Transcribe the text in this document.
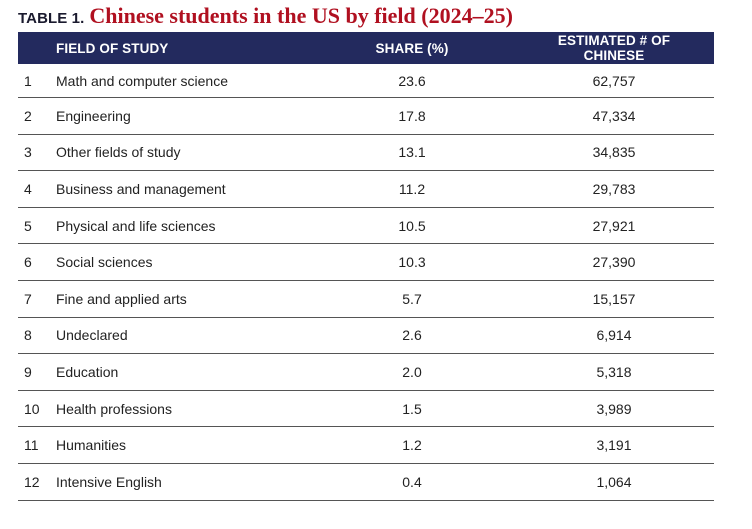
TABLE 1. Chinese students in the US by field (2024–25)
	FIELD OF STUDY	SHARE (%)	ESTIMATED # OF CHINESE
1	Math and computer science	23.6	62,757
2	Engineering	17.8	47,334
3	Other fields of study	13.1	34,835
4	Business and management	11.2	29,783
5	Physical and life sciences	10.5	27,921
6	Social sciences	10.3	27,390
7	Fine and applied arts	5.7	15,157
8	Undeclared	2.6	6,914
9	Education	2.0	5,318
10	Health professions	1.5	3,989
11	Humanities	1.2	3,191
12	Intensive English	0.4	1,064
